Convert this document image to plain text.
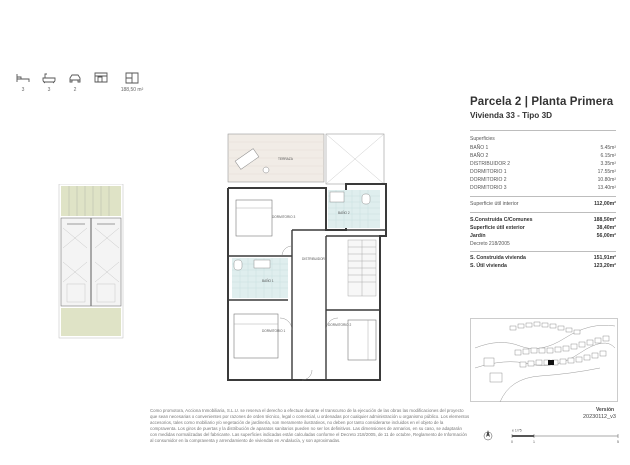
3	3	2	188,50 m²
Parcela 2 | Planta Primera
Vivienda 33 - Tipo 3D
Superficies
BAÑO 1	5.45m²
BAÑO 2	6.15m²
DISTRIBUIDOR 2	3.35m²
DORMITORIO 1	17.55m²
DORMITORIO 2	10.80m²
DORMITORIO 3	13.40m²
Superficie útil interior	112,00m²
S.Construida C/Comunes	188,50m²
Superficie útil exterior	38,40m²
Jardín	56,00m²
Decreto 218/2005
S. Construida vivienda	151,91m²
S. Útil vivienda	123,20m²
TERRAZA
BAÑO 2
DORMITORIO 3
DISTRIBUIDOR
BAÑO 1
DORMITORIO 1
DORMITORIO 2
Como promotora, Acciona Inmobiliaria, S.L.U. se reserva el derecho a efectuar durante el transcurso de la ejecución de las obras las modificaciones del proyecto que sean necesarias o convenientes por razones de orden técnico, legal o comercial, u ordenadas por cualquier administración u organismo público. Los elementos accesorios, tales como mobiliario y/o vegetación de jardinería, son meramente ilustrativos, no deben por tanto considerarse incluidos en el objeto de la compraventa. Los giros de puertas y la distribución de aparatos sanitarios pueden no ser los definitivos. Las dimensiones de armarios, en su caso, se adaptarán con medidas normalizadas del fabricante. Las superficies indicadas están calculadas conforme el Decreto 218/2005, de 11 de octubre, Reglamento de Información al consumidor en la compraventa y arrendamiento de viviendas en Andalucía, y son aproximadas.
Versión
20230112_v3
e 1/75
0	1	5
